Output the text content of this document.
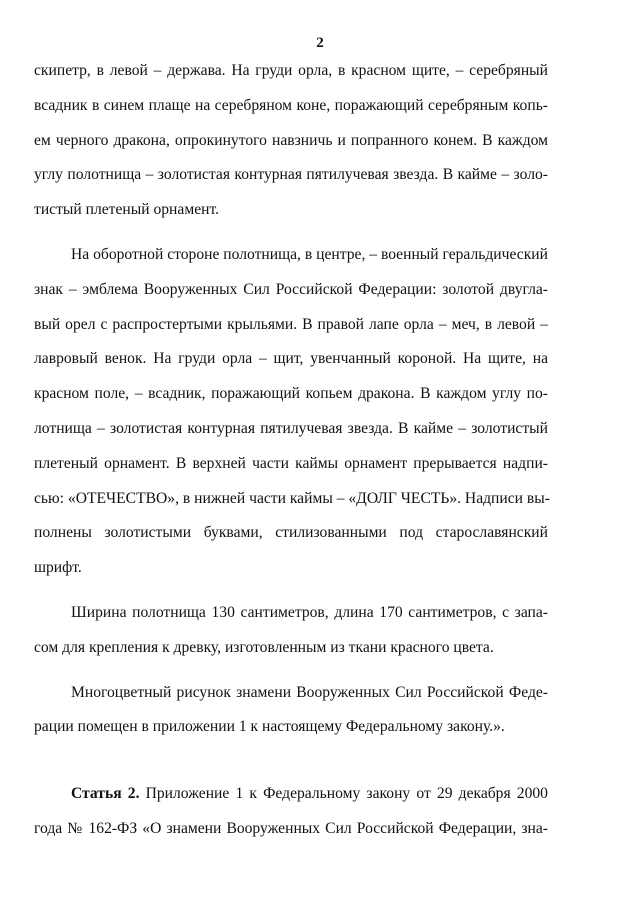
2
скипетр, в левой – держава. На груди орла, в красном щите, – серебряный
всадник в синем плаще на серебряном коне, поражающий серебряным копь-
ем черного дракона, опрокинутого навзничь и попранного конем. В каждом
углу полотнища – золотистая контурная пятилучевая звезда. В кайме – золо-
тистый плетеный орнамент.
На оборотной стороне полотнища, в центре, – военный геральдический
знак – эмблема Вооруженных Сил Российской Федерации: золотой двугла-
вый орел с распростертыми крыльями. В правой лапе орла – меч, в левой –
лавровый венок. На груди орла – щит, увенчанный короной. На щите, на
красном поле, – всадник, поражающий копьем дракона. В каждом углу по-
лотнища – золотистая контурная пятилучевая звезда. В кайме – золотистый
плетеный орнамент. В верхней части каймы орнамент прерывается надпи-
сью: «ОТЕЧЕСТВО», в нижней части каймы – «ДОЛГ ЧЕСТЬ». Надписи вы-
полнены золотистыми буквами, стилизованными под старославянский
шрифт.
Ширина полотнища 130 сантиметров, длина 170 сантиметров, с запа-
сом для крепления к древку, изготовленным из ткани красного цвета.
Многоцветный рисунок знамени Вооруженных Сил Российской Феде-
рации помещен в приложении 1 к настоящему Федеральному закону.».
Статья 2. Приложение 1 к Федеральному закону от 29 декабря 2000
года № 162-ФЗ «О знамени Вооруженных Сил Российской Федерации, зна-
